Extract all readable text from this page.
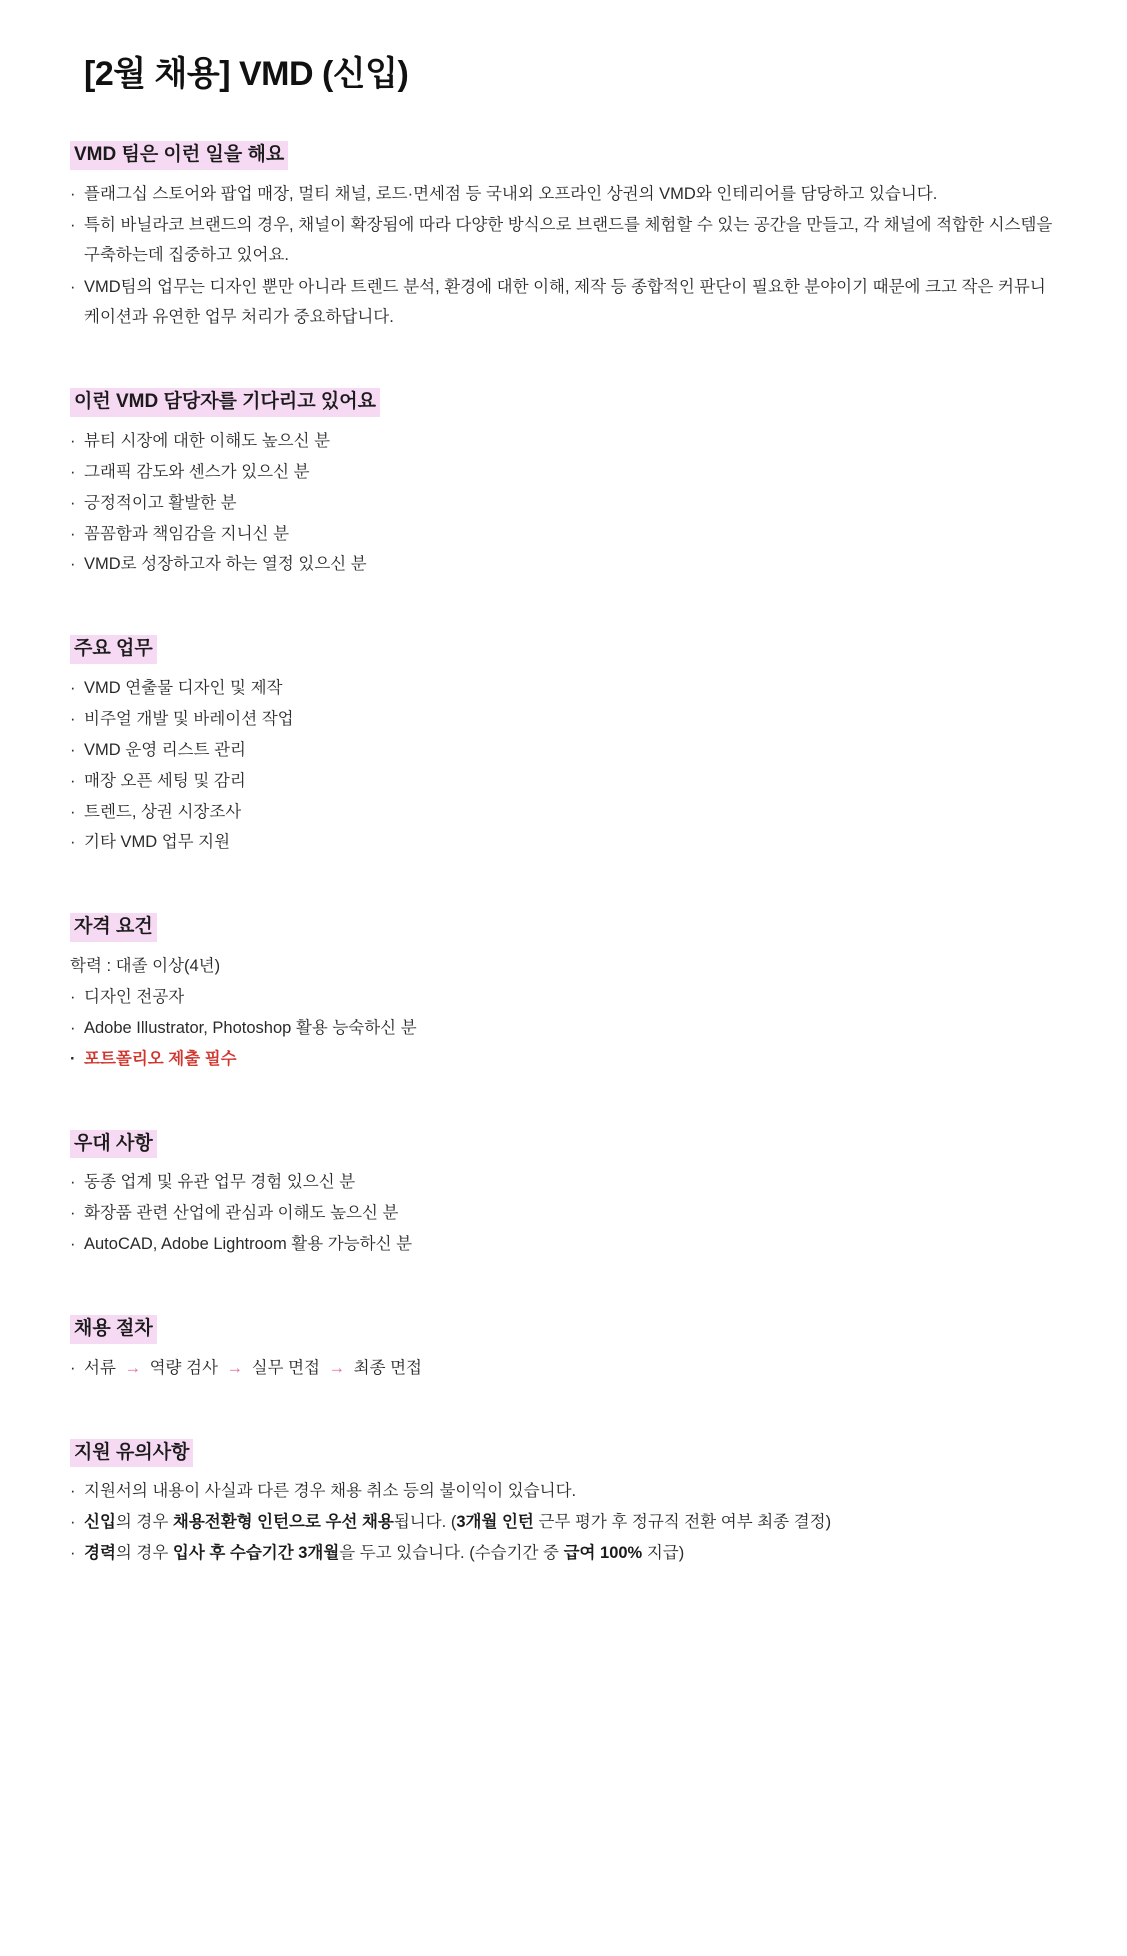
[2월 채용] VMD (신입)
VMD 팀은 이런 일을 해요
· 플래그십 스토어와 팝업 매장, 멀티 채널, 로드·면세점 등 국내외 오프라인 상권의 VMD와 인테리어를 담당하고 있습니다.
· 특히 바닐라코 브랜드의 경우, 채널이 확장됨에 따라 다양한 방식으로 브랜드를 체험할 수 있는 공간을 만들고, 각 채널에 적합한 시스템을 구축하는데 집중하고 있어요.
· VMD팀의 업무는 디자인 뿐만 아니라 트렌드 분석, 환경에 대한 이해, 제작 등 종합적인 판단이 필요한 분야이기 때문에 크고 작은 커뮤니케이션과 유연한 업무 처리가 중요하답니다.
이런 VMD 담당자를 기다리고 있어요
· 뷰티 시장에 대한 이해도 높으신 분
· 그래픽 감도와 센스가 있으신 분
· 긍정적이고 활발한 분
· 꼼꼼함과 책임감을 지니신 분
· VMD로 성장하고자 하는 열정 있으신 분
주요 업무
· VMD 연출물 디자인 및 제작
· 비주얼 개발 및 바레이션 작업
· VMD 운영 리스트 관리
· 매장 오픈 세팅 및 감리
· 트렌드, 상권 시장조사
· 기타 VMD 업무 지원
자격 요건

학력 : 대졸 이상(4년)

· 디자인 전공자
· Adobe Illustrator, Photoshop 활용 능숙하신 분
· 포트폴리오 제출 필수
우대 사항
· 동종 업계 및 유관 업무 경험 있으신 분
· 화장품 관련 산업에 관심과 이해도 높으신 분
· AutoCAD, Adobe Lightroom 활용 가능하신 분
채용 절차
· 서류 → 역량 검사 → 실무 면접 → 최종 면접
지원 유의사항
· 지원서의 내용이 사실과 다른 경우 채용 취소 등의 불이익이 있습니다.
· 신입의 경우 채용전환형 인턴으로 우선 채용됩니다. (3개월 인턴 근무 평가 후 정규직 전환 여부 최종 결정)
· 경력의 경우 입사 후 수습기간 3개월을 두고 있습니다. (수습기간 중 급여 100% 지급)
